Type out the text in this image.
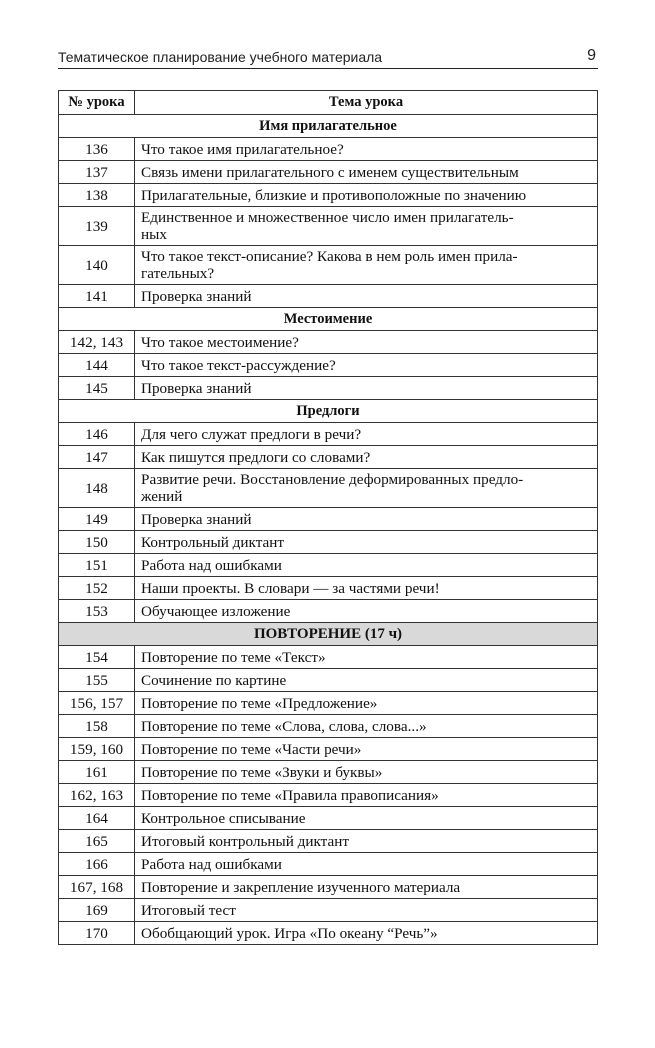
Тематическое планирование учебного материала	9
№ урока	Тема урока
Имя прилагательное	
136	Что такое имя прилагательное?
137	Связь имени прилагательного с именем существительным
138	Прилагательные, близкие и противоположные по значению
139	Единственное и множественное число имен прилагатель-
ных
140	Что такое текст-описание? Какова в нем роль имен прила-
гательных?
141	Проверка знаний
Местоимение	
142, 143	Что такое местоимение?
144	Что такое текст-рассуждение?
145	Проверка знаний
Предлоги	
146	Для чего служат предлоги в речи?
147	Как пишутся предлоги со словами?
148	Развитие речи. Восстановление деформированных предло-
жений
149	Проверка знаний
150	Контрольный диктант
151	Работа над ошибками
152	Наши проекты. В словари — за частями речи!
153	Обучающее изложение
ПОВТОРЕНИЕ (17 ч)	
154	Повторение по теме «Текст»
155	Сочинение по картине
156, 157	Повторение по теме «Предложение»
158	Повторение по теме «Слова, слова, слова...»
159, 160	Повторение по теме «Части речи»
161	Повторение по теме «Звуки и буквы»
162, 163	Повторение по теме «Правила правописания»
164	Контрольное списывание
165	Итоговый контрольный диктант
166	Работа над ошибками
167, 168	Повторение и закрепление изученного материала
169	Итоговый тест
170	Обобщающий урок. Игра «По океану “Речь”»
